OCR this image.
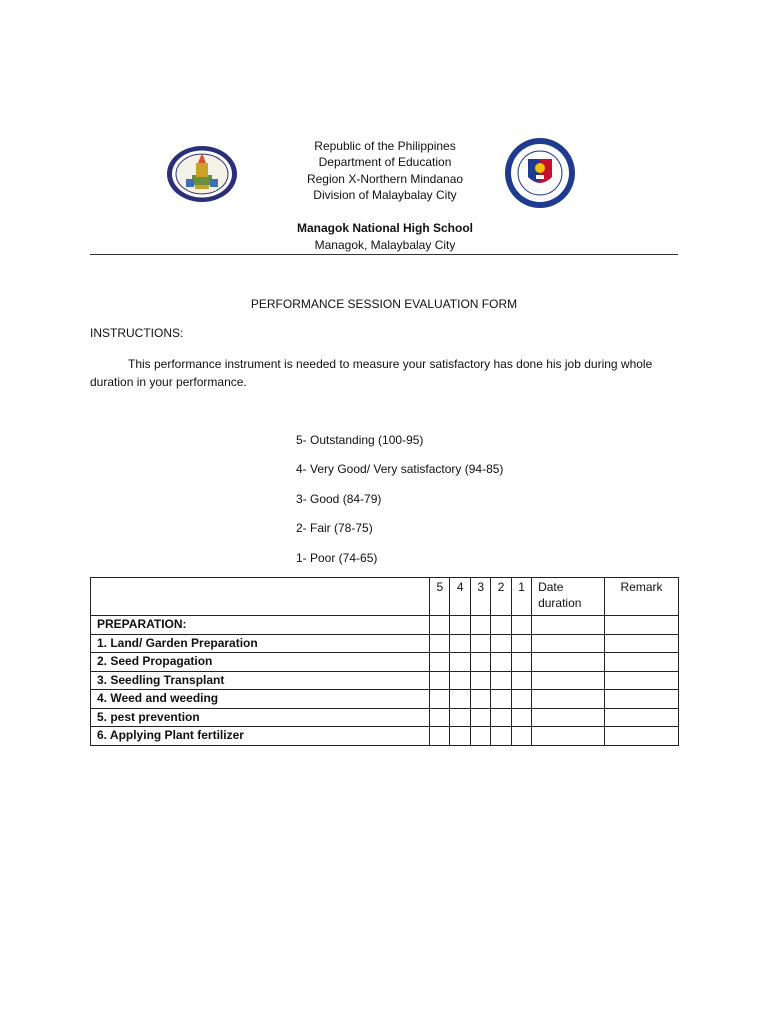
Republic of the Philippines
Department of Education
Region X-Northern Mindanao
Division of Malaybalay City
Managok National High School
Managok, Malaybalay City
PERFORMANCE SESSION EVALUATION FORM
INSTRUCTIONS:
This performance instrument is needed to measure your satisfactory has done his job during whole duration in your performance.
5- Outstanding (100-95)
4- Very Good/ Very satisfactory (94-85)
3- Good (84-79)
2- Fair (78-75)
1- Poor (74-65)
	5	4	3	2	1	Date duration	Remark
PREPARATION:							
1. Land/ Garden Preparation							
2. Seed Propagation							
3. Seedling Transplant							
4. Weed and weeding							
5. pest prevention							
6. Applying Plant fertilizer							
